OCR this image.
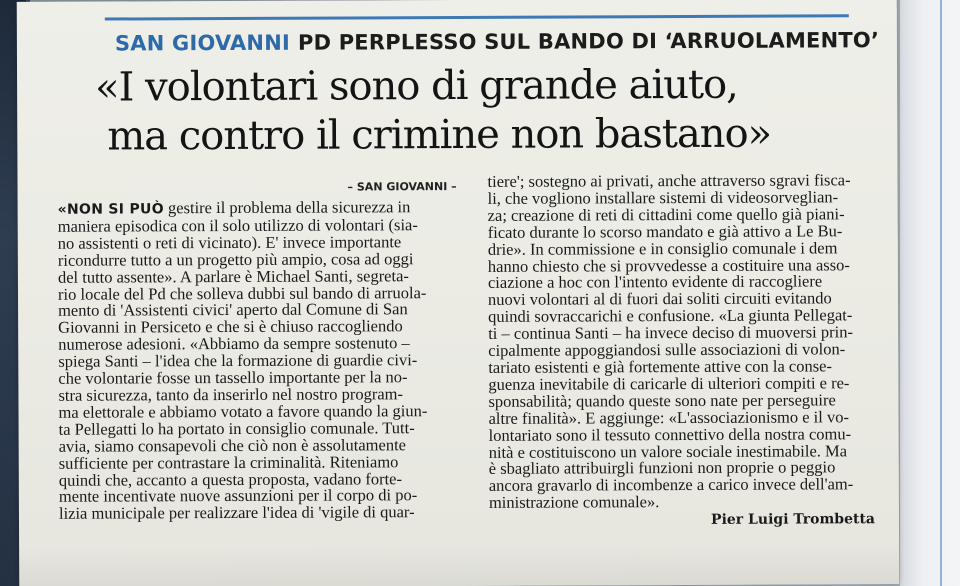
SAN GIOVANNI PD PERPLESSO SUL BANDO DI ‘ARRUOLAMENTO’
«I volontari sono di grande aiuto,
ma contro il crimine non bastano»
– SAN GIOVANNI –

«NON SI PUÒ gestire il problema della sicurezza in

maniera episodica con il solo utilizzo di volontari (sia-

no assistenti o reti di vicinato). E' invece importante

ricondurre tutto a un progetto più ampio, cosa ad oggi

del tutto assente». A parlare è Michael Santi, segreta-

rio locale del Pd che solleva dubbi sul bando di arruola-

mento di 'Assistenti civici' aperto dal Comune di San

Giovanni in Persiceto e che si è chiuso raccogliendo

numerose adesioni. «Abbiamo da sempre sostenuto –

spiega Santi – l'idea che la formazione di guardie civi-

che volontarie fosse un tassello importante per la no-

stra sicurezza, tanto da inserirlo nel nostro program-

ma elettorale e abbiamo votato a favore quando la giun-

ta Pellegatti lo ha portato in consiglio comunale. Tutt-

avia, siamo consapevoli che ciò non è assolutamente

sufficiente per contrastare la criminalità. Riteniamo

quindi che, accanto a questa proposta, vadano forte-

mente incentivate nuove assunzioni per il corpo di po-

lizia municipale per realizzare l'idea di 'vigile di quar-

tiere'; sostegno ai privati, anche attraverso sgravi fisca-

li, che vogliono installare sistemi di videosorveglian-

za; creazione di reti di cittadini come quello già piani-

ficato durante lo scorso mandato e già attivo a Le Bu-

drie». In commissione e in consiglio comunale i dem

hanno chiesto che si provvedesse a costituire una asso-

ciazione a hoc con l'intento evidente di raccogliere

nuovi volontari al di fuori dai soliti circuiti evitando

quindi sovraccarichi e confusione. «La giunta Pellegat-

ti – continua Santi – ha invece deciso di muoversi prin-

cipalmente appoggiandosi sulle associazioni di volon-

tariato esistenti e già fortemente attive con la conse-

guenza inevitabile di caricarle di ulteriori compiti e re-

sponsabilità; quando queste sono nate per perseguire

altre finalità». E aggiunge: «L'associazionismo e il vo-

lontariato sono il tessuto connettivo della nostra comu-

nità e costituiscono un valore sociale inestimabile. Ma

è sbagliato attribuirgli funzioni non proprie o peggio

ancora gravarlo di incombenze a carico invece dell'am-

ministrazione comunale».

Pier Luigi Trombetta
